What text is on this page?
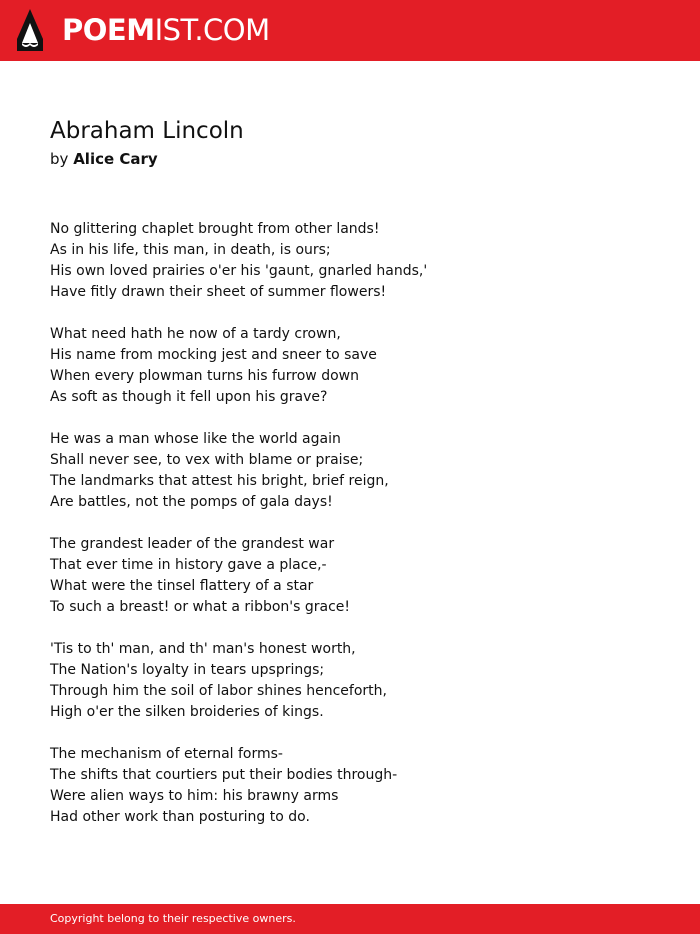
POEMIST.COM
Abraham Lincoln
by Alice Cary
No glittering chaplet brought from other lands!
As in his life, this man, in death, is ours;
His own loved prairies o'er his 'gaunt, gnarled hands,'
Have fitly drawn their sheet of summer flowers!
What need hath he now of a tardy crown,
His name from mocking jest and sneer to save
When every plowman turns his furrow down
As soft as though it fell upon his grave?
He was a man whose like the world again
Shall never see, to vex with blame or praise;
The landmarks that attest his bright, brief reign,
Are battles, not the pomps of gala days!
The grandest leader of the grandest war
That ever time in history gave a place,-
What were the tinsel flattery of a star
To such a breast! or what a ribbon's grace!
'Tis to th' man, and th' man's honest worth,
The Nation's loyalty in tears upsprings;
Through him the soil of labor shines henceforth,
High o'er the silken broideries of kings.
The mechanism of eternal forms-
The shifts that courtiers put their bodies through-
Were alien ways to him: his brawny arms
Had other work than posturing to do.
Copyright belong to their respective owners.
